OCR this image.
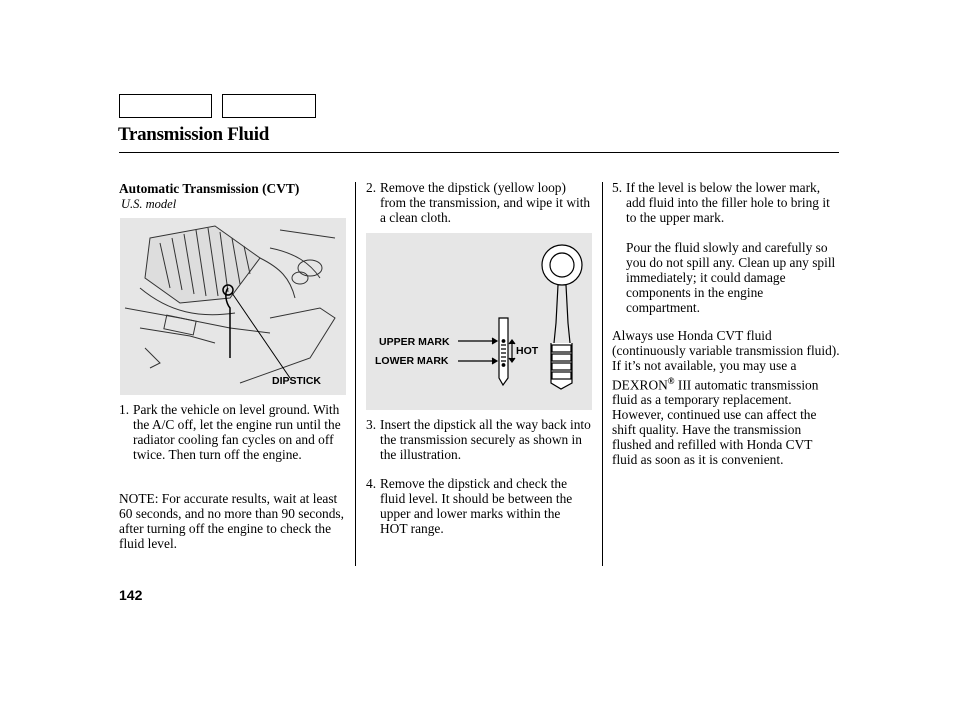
Transmission Fluid
Automatic Transmission (CVT)
U.S. model
DIPSTICK
1. Park the vehicle on level ground. With the A/C off, let the engine run until the radiator cooling fan cycles on and off twice. Then turn off the engine.
NOTE: For accurate results, wait at least 60 seconds, and no more than 90 seconds, after turning off the engine to check the fluid level.
2. Remove the dipstick (yellow loop) from the transmission, and wipe it with a clean cloth.
UPPER MARK
LOWER MARK
HOT
3. Insert the dipstick all the way back into the transmission securely as shown in the illustration.
4. Remove the dipstick and check the fluid level. It should be between the upper and lower marks within the HOT range.
5. If the level is below the lower mark, add fluid into the filler hole to bring it to the upper mark.
Pour the fluid slowly and carefully so you do not spill any. Clean up any spill immediately; it could damage components in the engine compartment.
Always use Honda CVT fluid (continuously variable transmission fluid). If it’s not available, you may use a DEXRON® III automatic transmission fluid as a temporary replacement. However, continued use can affect the shift quality. Have the transmission flushed and refilled with Honda CVT fluid as soon as it is convenient.
142
